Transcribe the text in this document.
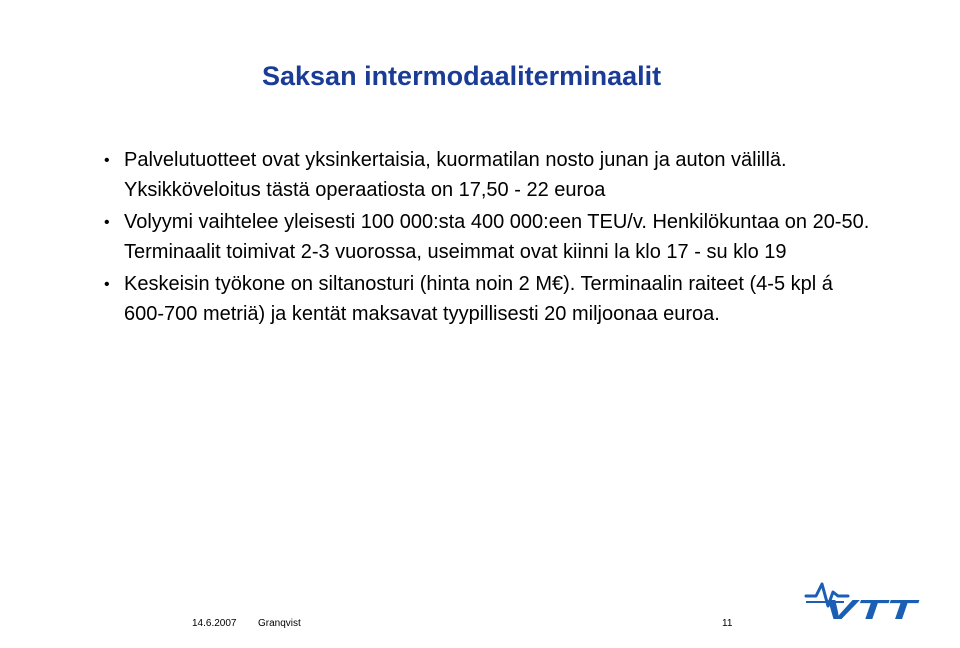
Saksan intermodaaliterminaalit
• Palvelutuotteet ovat yksinkertaisia, kuormatilan nosto junan ja auton välillä. Yksikköveloitus tästä operaatiosta on 17,50 - 22 euroa
• Volyymi vaihtelee yleisesti 100 000:sta 400 000:een TEU/v. Henkilökuntaa on 20-50. Terminaalit toimivat 2-3 vuorossa, useimmat ovat kiinni la klo 17 - su klo 19
• Keskeisin työkone on siltanosturi (hinta noin 2 M€). Terminaalin raiteet (4-5 kpl á 600-700 metriä) ja kentät maksavat tyypillisesti 20 miljoonaa euroa.
14.6.2007 Granqvist	11	VTT
